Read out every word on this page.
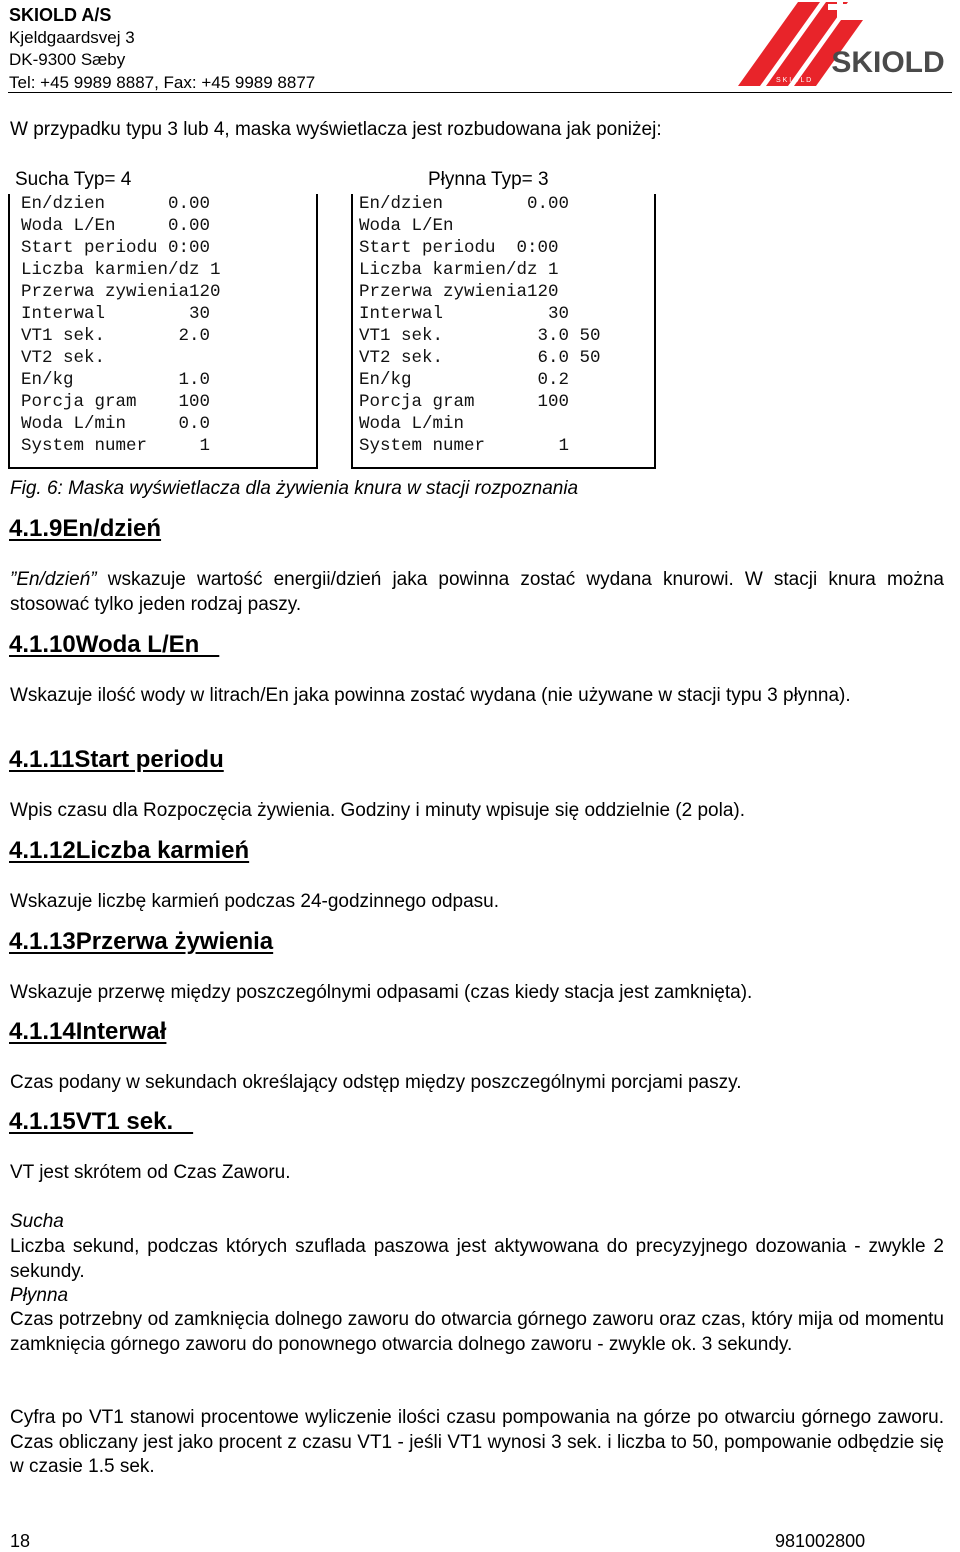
SKIOLD A/S
Kjeldgaardsvej 3
DK-9300 Sæby
Tel: +45 9989 8887, Fax: +45 9989 8877
SKIOLD
S K I O L D
W przypadku typu 3 lub 4, maska wyświetlacza jest rozbudowana jak poniżej:
Sucha Typ= 4
En/dzien      0.00
Woda L/En     0.00
Start periodu 0:00
Liczba karmien/dz 1
Przerwa zywienia120
Interwal        30
VT1 sek.       2.0
VT2 sek.
En/kg          1.0
Porcja gram    100
Woda L/min     0.0
System numer     1
Płynna Typ= 3
En/dzien        0.00
Woda L/En
Start periodu  0:00
Liczba karmien/dz 1
Przerwa zywienia120
Interwal          30
VT1 sek.         3.0 50
VT2 sek.         6.0 50
En/kg            0.2
Porcja gram      100
Woda L/min
System numer       1
Fig. 6: Maska wyświetlacza dla żywienia knura w stacji rozpoznania
4.1.9En/dzień
”En/dzień” wskazuje wartość energii/dzień jaka powinna zostać wydana knurowi. W stacji knura można stosować tylko jeden rodzaj paszy.
4.1.10Woda L/En
Wskazuje ilość wody w litrach/En jaka powinna zostać wydana (nie używane w stacji typu 3 płynna).
4.1.11Start periodu
Wpis czasu dla Rozpoczęcia żywienia. Godziny i minuty wpisuje się oddzielnie (2 pola).
4.1.12Liczba karmień
Wskazuje liczbę karmień podczas 24-godzinnego odpasu.
4.1.13Przerwa żywienia
Wskazuje przerwę między poszczególnymi odpasami (czas kiedy stacja jest zamknięta).
4.1.14Interwał
Czas podany w sekundach określający odstęp między poszczególnymi porcjami paszy.
4.1.15VT1 sek.
VT jest skrótem od Czas Zaworu.
Sucha
Liczba sekund, podczas których szuflada paszowa jest aktywowana do precyzyjnego dozowania - zwykle 2 sekundy.
Płynna
Czas potrzebny od zamknięcia dolnego zaworu do otwarcia górnego zaworu oraz czas, który mija od momentu zamknięcia górnego zaworu do ponownego otwarcia dolnego zaworu - zwykle ok. 3 sekundy.
Cyfra po VT1 stanowi procentowe wyliczenie ilości czasu pompowania na górze po otwarciu górnego zaworu. Czas obliczany jest jako procent z czasu VT1 - jeśli VT1 wynosi 3 sek. i liczba to 50, pompowanie odbędzie się w czasie 1.5 sek.
18	981002800
